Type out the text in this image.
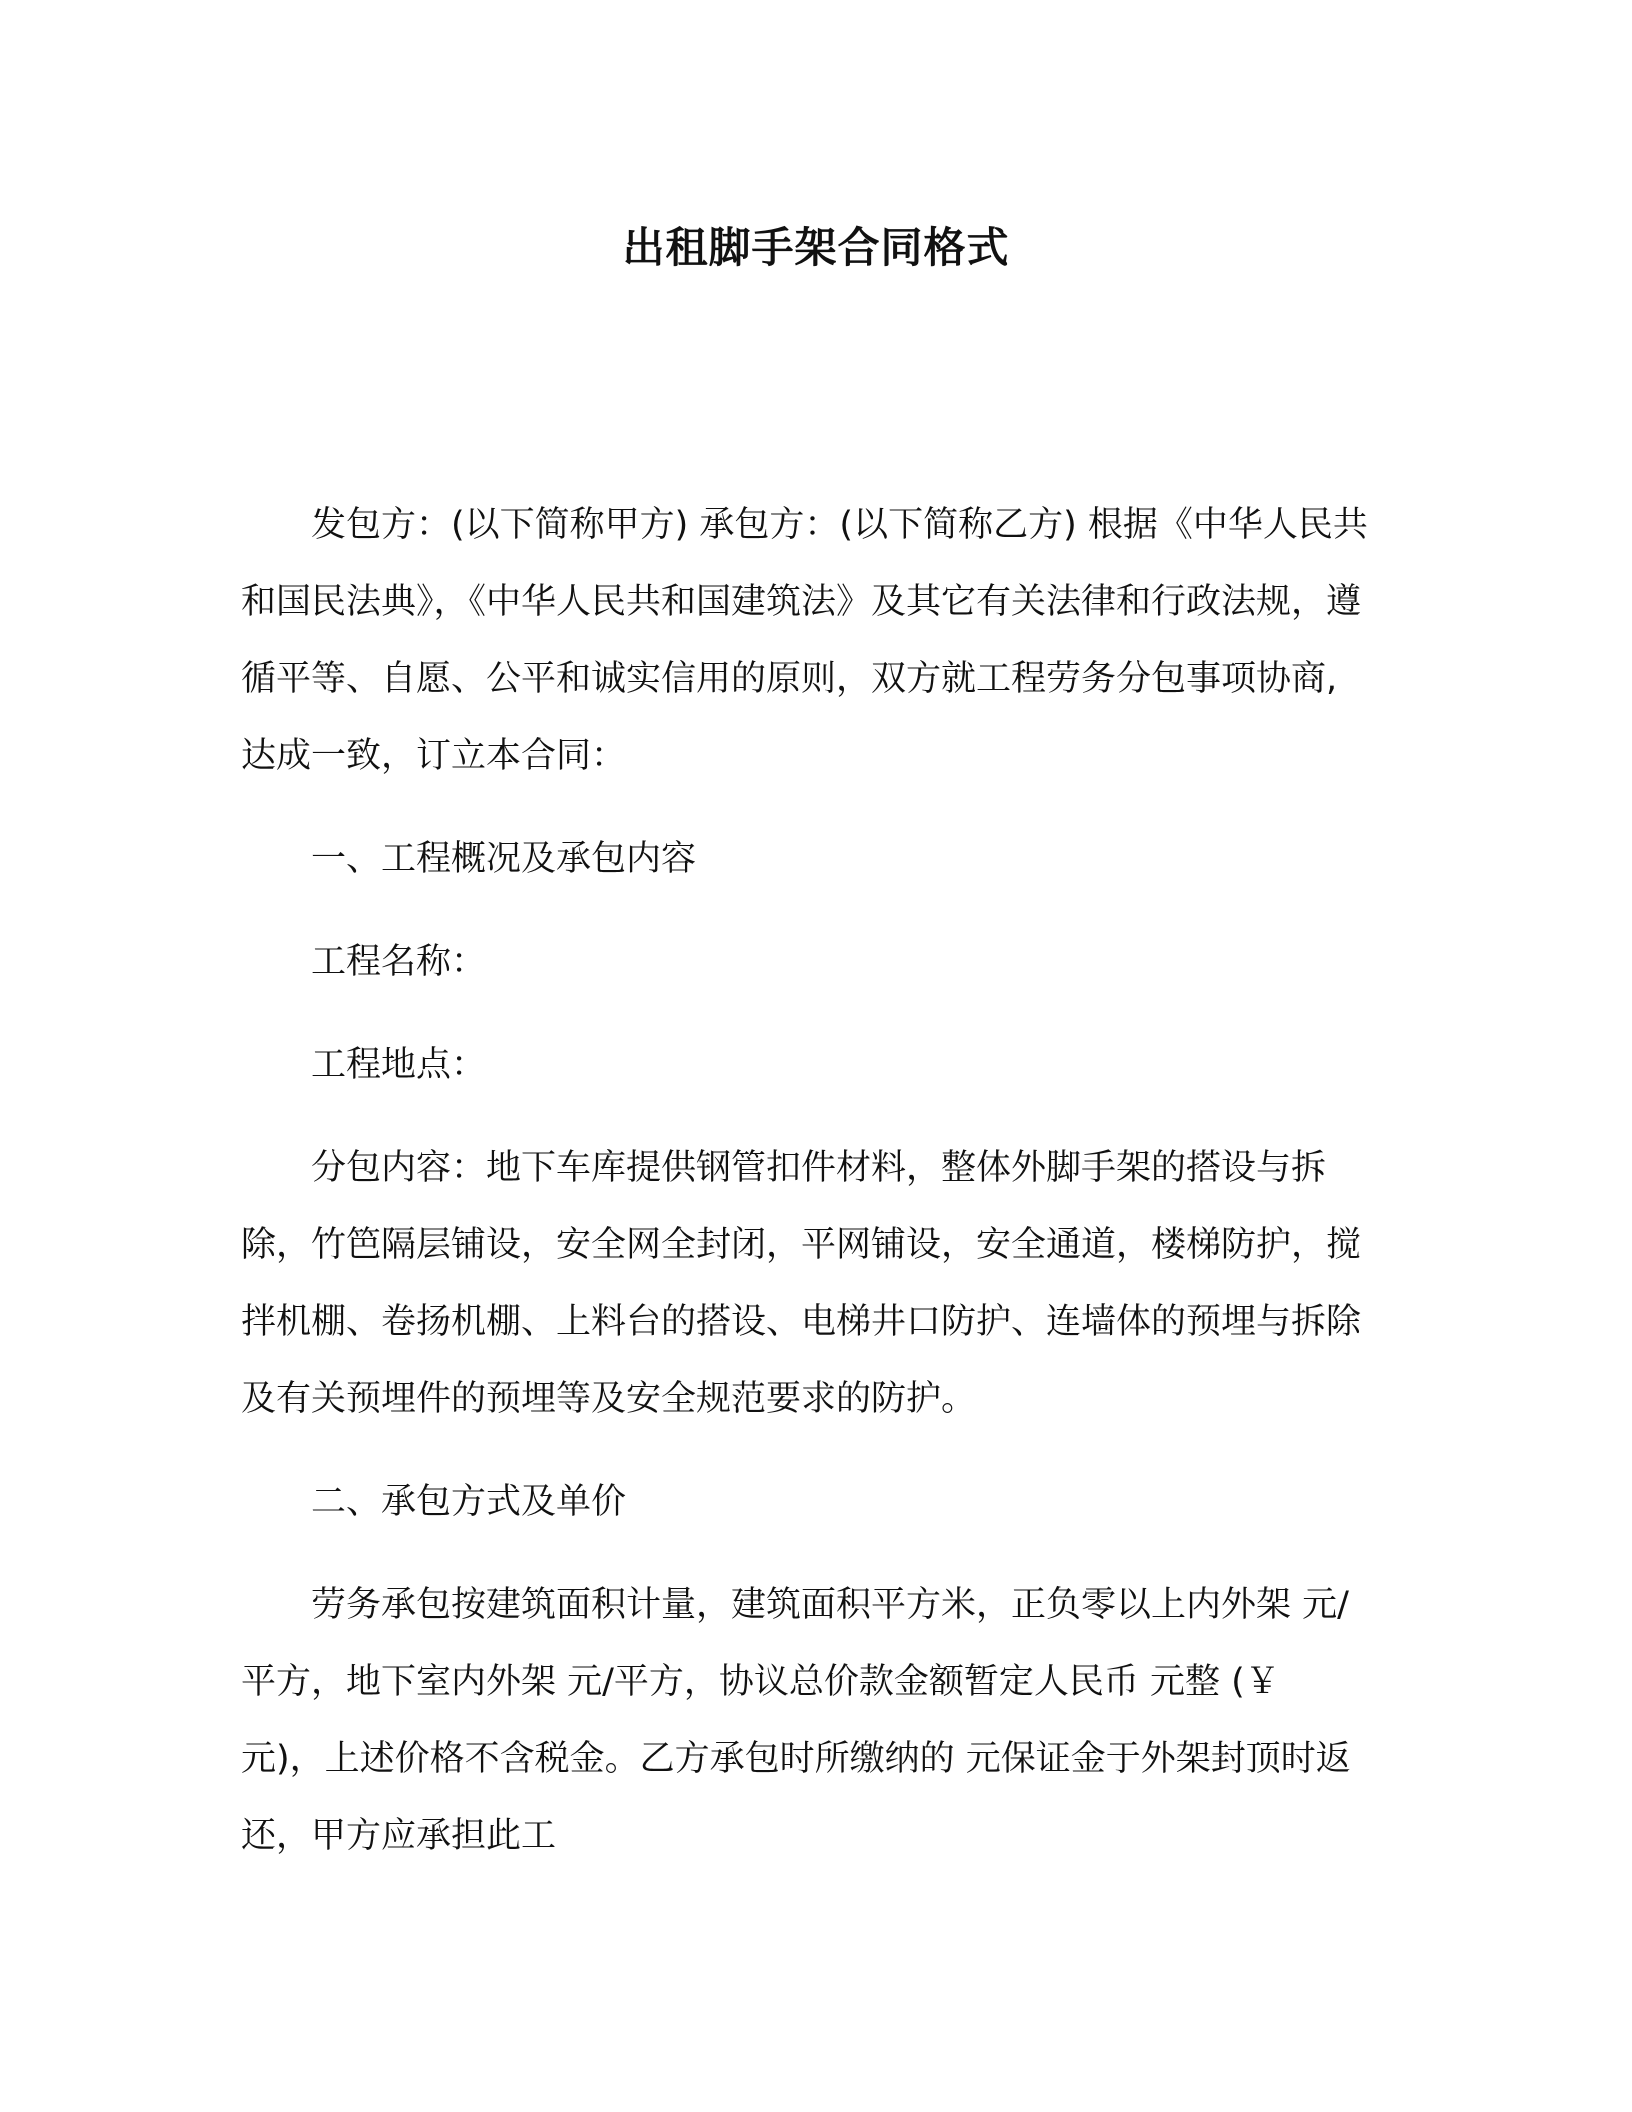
出租脚手架合同格式

发包方：(以下简称甲方) 承包方：(以下简称乙方) 根据《中华人民共和国民法典》，《中华人民共和国建筑法》及其它有关法律和行政法规，遵循平等、自愿、公平和诚实信用的原则，双方就工程劳务分包事项协商,达成一致，订立本合同：

一、工程概况及承包内容

工程名称：

工程地点：

分包内容：地下车库提供钢管扣件材料，整体外脚手架的搭设与拆除，竹笆隔层铺设，安全网全封闭，平网铺设，安全通道，楼梯防护，搅拌机棚、卷扬机棚、上料台的搭设、电梯井口防护、连墙体的预埋与拆除及有关预埋件的预埋等及安全规范要求的防护。

二、承包方式及单价

劳务承包按建筑面积计量，建筑面积平方米，正负零以上内外架 元/平方，地下室内外架 元/平方，协议总价款金额暂定人民币 元整 (￥ 元)，上述价格不含税金。乙方承包时所缴纳的 元保证金于外架封顶时返还，甲方应承担此工
